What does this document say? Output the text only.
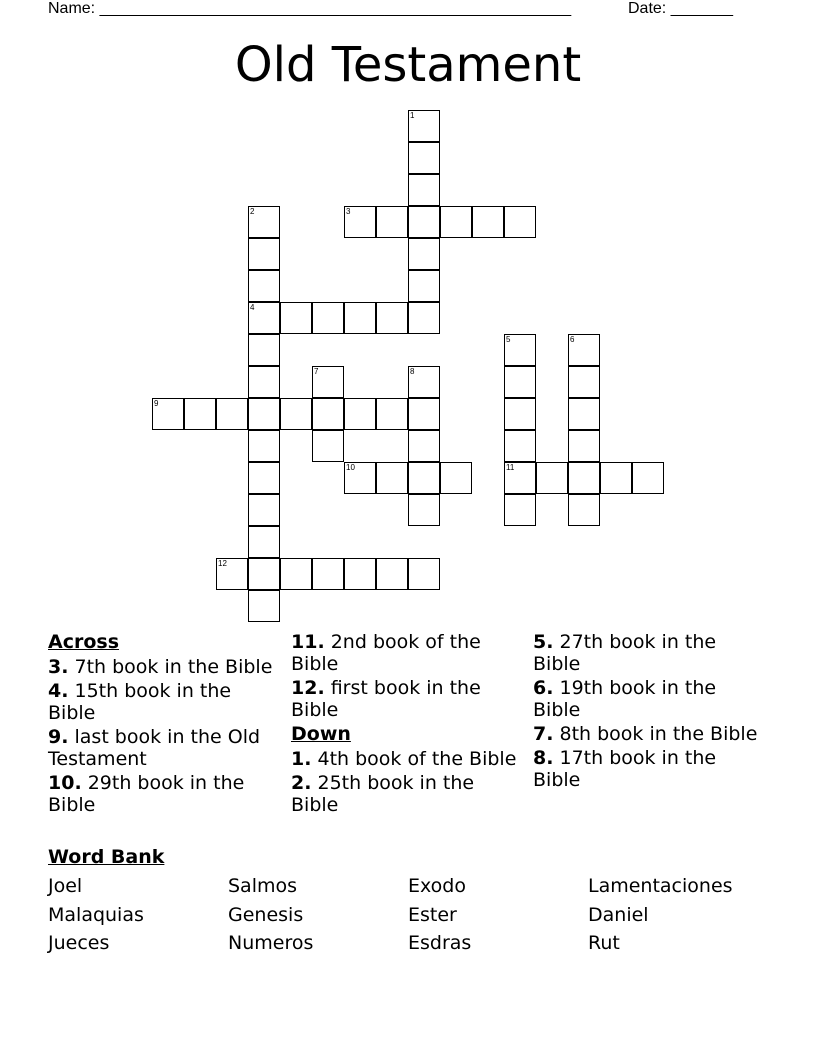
Name: _____________________________________________________	Date: _______
Old Testament
1
3
2
4
5
11
6
7	8
9
10
12
Across
3. 7th book in the Bible
4. 15th book in the Bible
9. last book in the Old Testament
10. 29th book in the Bible
11. 2nd book of the Bible
12. first book in the Bible
Down
1. 4th book of the Bible
2. 25th book in the Bible
5. 27th book in the Bible
6. 19th book in the Bible
7. 8th book in the Bible
8. 17th book in the Bible
Word Bank
Joel	Salmos	Exodo	Lamentaciones
Malaquias	Genesis	Ester	Daniel
Jueces	Numeros	Esdras	Rut
